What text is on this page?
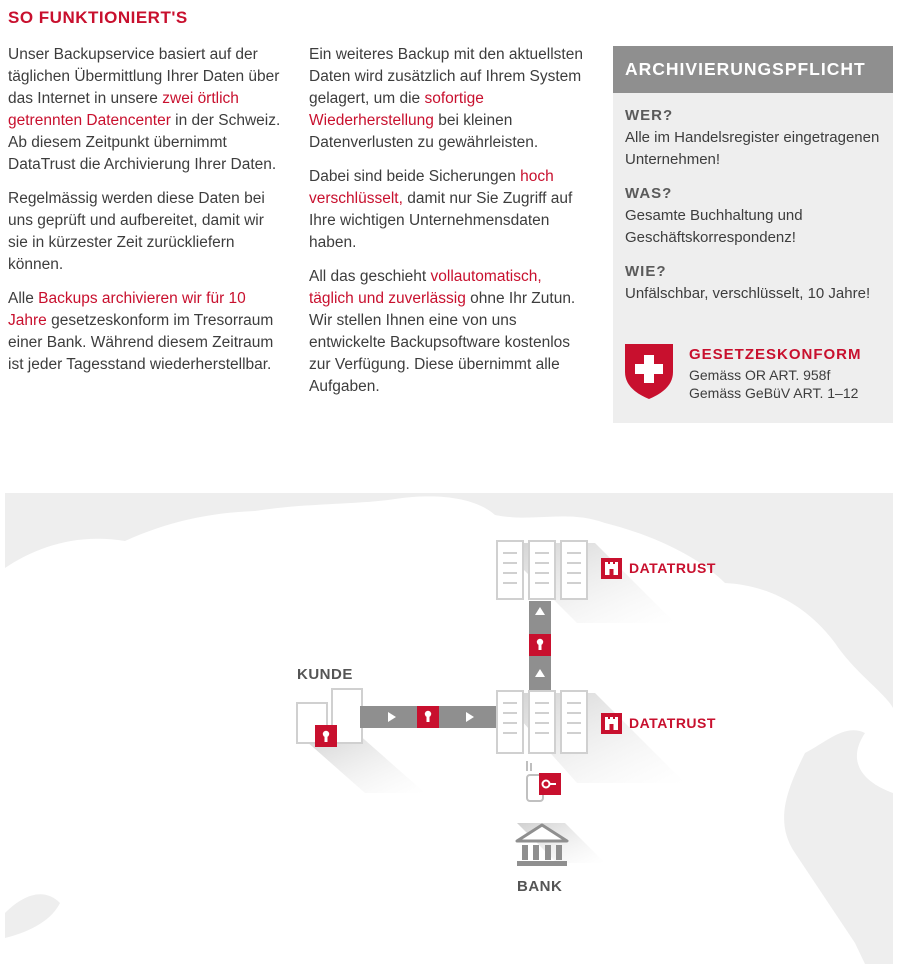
SO FUNKTIONIERT'S

Unser Backupservice basiert auf der täglichen Übermittlung Ihrer Daten über das Internet in unsere zwei örtlich getrennten Datencenter in der Schweiz. Ab diesem Zeitpunkt übernimmt DataTrust die Archivierung Ihrer Daten.

Regelmässig werden diese Daten bei uns geprüft und aufbereitet, damit wir sie in kürzester Zeit zurückliefern können.

Alle Backups archivieren wir für 10 Jahre gesetzeskonform im Tresorraum einer Bank. Während diesem Zeitraum ist jeder Tagesstand wiederherstellbar.

Ein weiteres Backup mit den aktuellsten Daten wird zusätzlich auf Ihrem System gelagert, um die sofortige Wiederherstellung bei kleinen Datenverlusten zu gewährleisten.

Dabei sind beide Sicherungen hoch verschlüsselt, damit nur Sie Zugriff auf Ihre wichtigen Unternehmensdaten haben.

All das geschieht vollautomatisch, täglich und zuverlässig ohne Ihr Zutun. Wir stellen Ihnen eine von uns entwickelte Backupsoftware kostenlos zur Verfügung. Diese übernimmt alle Aufgaben.

ARCHIVIERUNGSPFLICHT
WER?
Alle im Handelsregister eingetragenen Unternehmen!
WAS?
Gesamte Buchhaltung und Geschäftskorrespondenz!
WIE?
Unfälschbar, verschlüsselt, 10 Jahre!
GESETZESKONFORM
Gemäss OR ART. 958f
Gemäss GeBüV ART. 1–12
KUNDE
BANK
DATATRUST
DATATRUST
